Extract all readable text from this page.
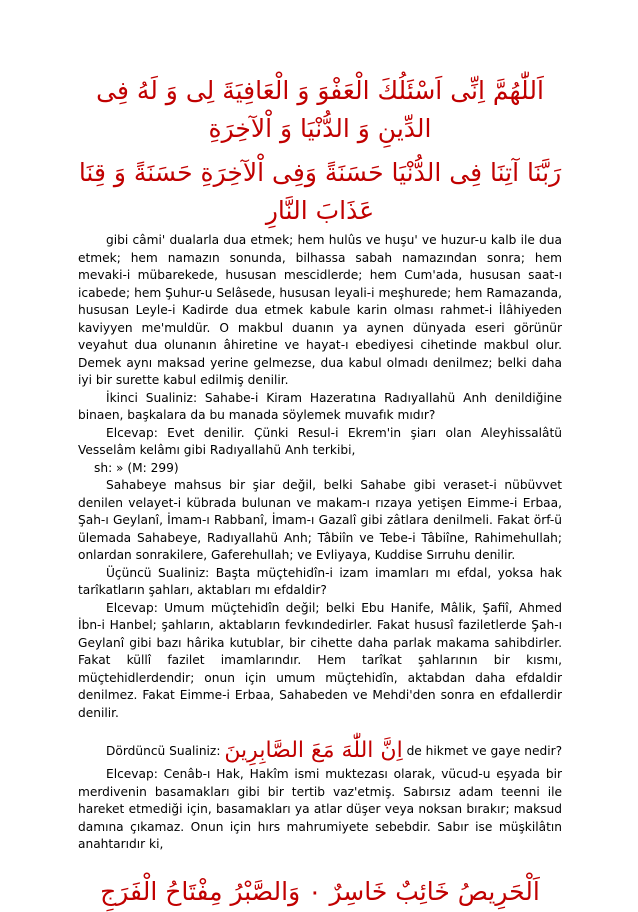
اَللّٰهُمَّ اِنِّى اَسْئَلُكَ الْعَفْوَ وَ الْعَافِيَةَ لِى وَ لَهُ فِى الدِّينِ وَ الدُّنْيَا وَ اْلآخِرَةِ
رَبَّنَا آتِنَا فِى الدُّنْيَا حَسَنَةً وَفِى اْلآخِرَةِ حَسَنَةً وَ قِنَا عَذَابَ النَّارِ

gibi câmi' dualarla dua etmek; hem hulûs ve huşu' ve huzur-u kalb ile dua etmek; hem namazın sonunda, bilhassa sabah namazından sonra; hem mevaki-i mübarekede, hususan mescidlerde; hem Cum'ada, hususan saat-ı icabede; hem Şuhur-u Selâsede, hususan leyali-i meşhurede; hem Ramazanda, hususan Leyle-i Kadirde dua etmek kabule karin olması rahmet-i İlâhiyeden kaviyyen me'muldür. O makbul duanın ya aynen dünyada eseri görünür veyahut dua olunanın âhiretine ve hayat-ı ebediyesi cihetinde makbul olur. Demek aynı maksad yerine gelmezse, dua kabul olmadı denilmez; belki daha iyi bir surette kabul edilmiş denilir.

İkinci Sualiniz: Sahabe-i Kiram Hazeratına Radıyallahü Anh denildiğine binaen, başkalara da bu manada söylemek muvafık mıdır?

Elcevap: Evet denilir. Çünki Resul-i Ekrem'in şiarı olan Aleyhissalâtü Vesselâm kelâmı gibi Radıyallahü Anh terkibi,

sh: » (M: 299)

Sahabeye mahsus bir şiar değil, belki Sahabe gibi veraset-i nübüvvet denilen velayet-i kübrada bulunan ve makam-ı rızaya yetişen Eimme-i Erbaa, Şah-ı Geylanî, İmam-ı Rabbanî, İmam-ı Gazalî gibi zâtlara denilmeli. Fakat örf-ü ülemada Sahabeye, Radıyallahü Anh; Tâbiîn ve Tebe-i Tâbiîne, Rahimehullah; onlardan sonrakilere, Gaferehullah; ve Evliyaya, Kuddise Sırruhu denilir.

Üçüncü Sualiniz: Başta müçtehidîn-i izam imamları mı efdal, yoksa hak tarîkatların şahları, aktabları mı efdaldir?

Elcevap: Umum müçtehidîn değil; belki Ebu Hanife, Mâlik, Şafiî, Ahmed İbn-i Hanbel; şahların, aktabların fevkındedirler. Fakat hususî faziletlerde Şah-ı Geylanî gibi bazı hârika kutublar, bir cihette daha parlak makama sahibdirler. Fakat küllî fazilet imamlarındır. Hem tarîkat şahlarının bir kısmı, müçtehidlerdendir; onun için umum müçtehidîn, aktabdan daha efdaldir denilmez. Fakat Eimme-i Erbaa, Sahabeden ve Mehdi'den sonra en efdallerdir denilir.

Dördüncü Sualiniz: اِنَّ اللّٰهَ مَعَ الصَّابِرِينَ de hikmet ve gaye nedir?

Elcevap: Cenâb-ı Hak, Hakîm ismi muktezası olarak, vücud-u eşyada bir merdivenin basamakları gibi bir tertib vaz'etmiş. Sabırsız adam teenni ile hareket etmediği için, basamakları ya atlar düşer veya noksan bırakır; maksud damına çıkamaz. Onun için hırs mahrumiyete sebebdir. Sabır ise müşkilâtın anahtarıdır ki,

اَلْحَرِيصُ خَائِبٌ خَاسِرٌ ۰ وَالصَّبْرُ مِفْتَاحُ الْفَرَجِ
